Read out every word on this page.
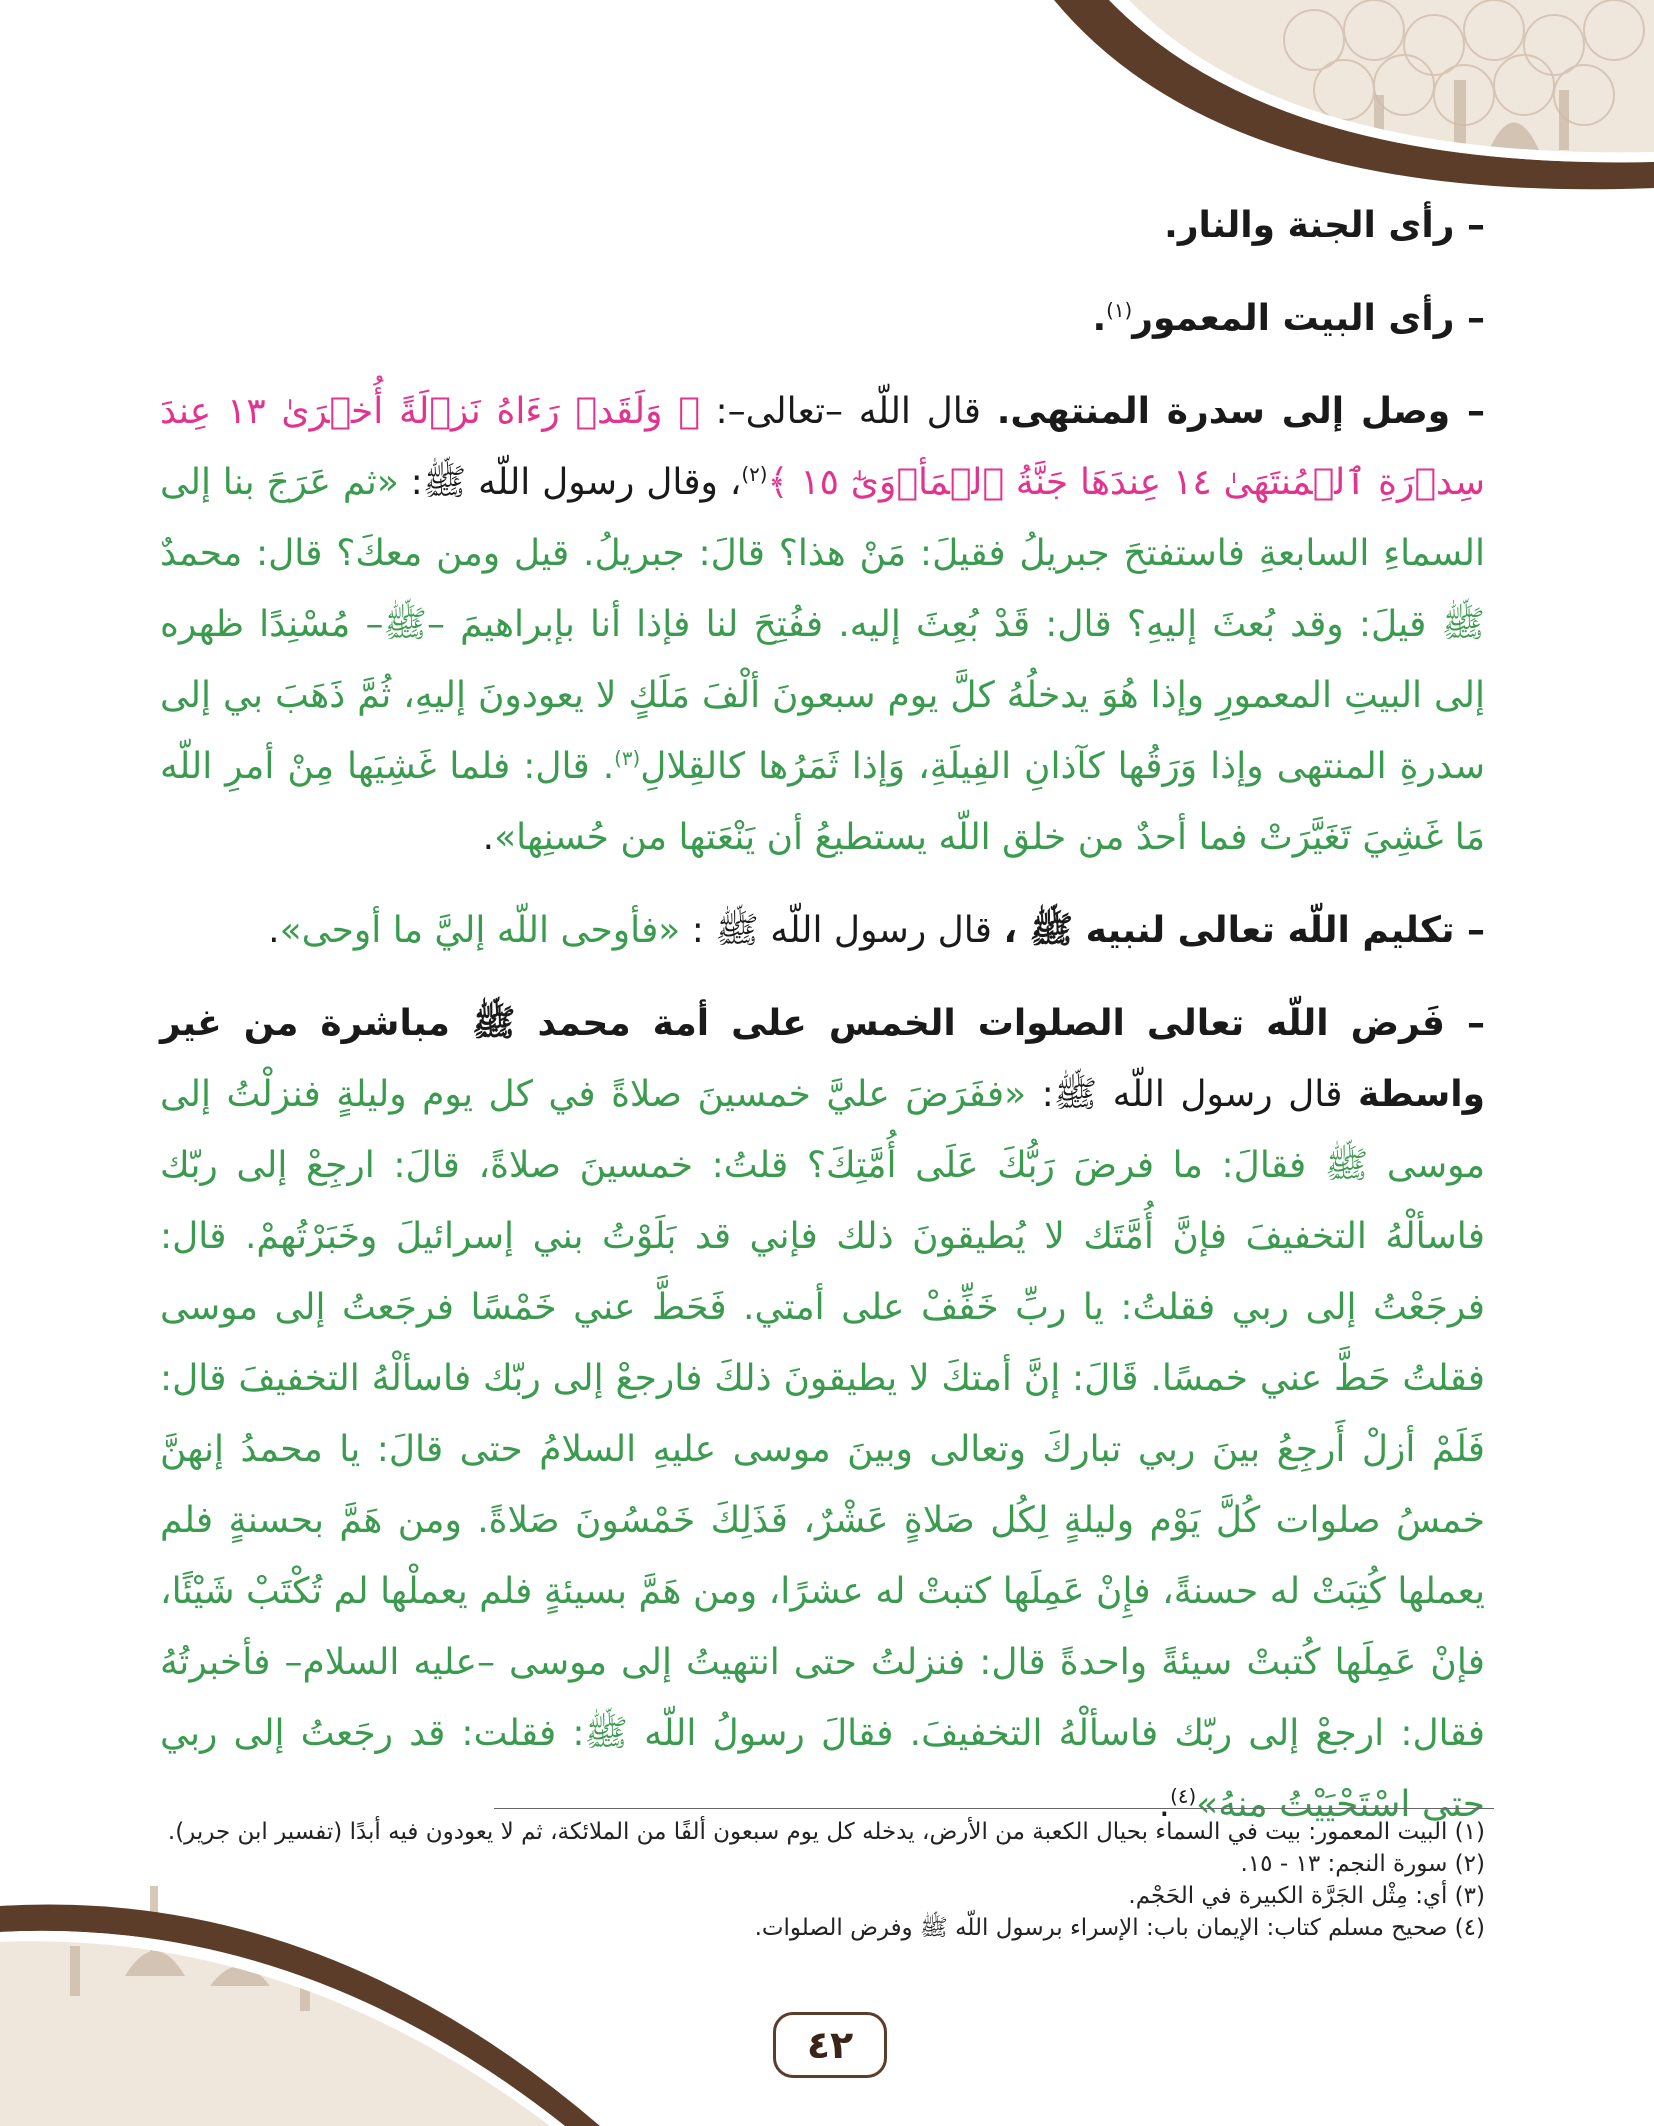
– رأى الجنة والنار.

– رأى البيت المعمور$^{(١)}$.

– وصل إلى سدرة المنتهى. قال اللّه –تعالى–: ﴿ وَلَقَدۡ رَءَاهُ نَزۡلَةً أُخۡرَىٰ ١٣ عِندَ سِدۡرَةِ ٱلۡمُنتَهَىٰ ١٤ عِندَهَا جَنَّةُ ٱلۡمَأۡوَىٰٓ ١٥ ﴾$^{(٢)}$، وقال رسول اللّه ﷺ: «ثم عَرَجَ بنا إلى السماءِ السابعةِ فاستفتحَ جبريلُ فقيلَ: مَنْ هذا؟ قالَ: جبريلُ. قيل ومن معكَ؟ قال: محمدٌ ﷺ قيلَ: وقد بُعثَ إليهِ؟ قال: قَدْ بُعِثَ إليه. ففُتِحَ لنا فإذا أنا بإبراهيمَ –ﷺ– مُسْنِدًا ظهره إلى البيتِ المعمورِ وإذا هُوَ يدخلُهُ كلَّ يوم سبعونَ ألْفَ مَلَكٍ لا يعودونَ إليهِ، ثُمَّ ذَهَبَ بي إلى سدرةِ المنتهى وإذا وَرَقُها كآذانِ الفِيلَةِ، وَإذا ثَمَرُها كالقِلالِ$^{(٣)}$. قال: فلما غَشِيَها مِنْ أمرِ اللّه مَا غَشِيَ تَغَيَّرَتْ فما أحدٌ من خلق اللّه يستطيعُ أن يَنْعَتها من حُسنِها».

– تكليم اللّه تعالى لنبيه ﷺ ، قال رسول اللّه ﷺ : «فأوحى اللّه إليَّ ما أوحى».

– فَرض اللّه تعالى الصلوات الخمس على أمة محمد ﷺ مباشرة من غير واسطة قال رسول اللّه ﷺ: «ففَرَضَ عليَّ خمسينَ صلاةً في كل يوم وليلةٍ فنزلْتُ إلى موسى ﷺ فقالَ: ما فرضَ رَبُّكَ عَلَى أُمَّتِكَ؟ قلتُ: خمسينَ صلاةً، قالَ: ارجِعْ إلى ربّك فاسألْهُ التخفيفَ فإنَّ أُمَّتَك لا يُطيقونَ ذلك فإني قد بَلَوْتُ بني إسرائيلَ وخَبَرْتُهمْ. قال: فرجَعْتُ إلى ربي فقلتُ: يا ربِّ خَفِّفْ على أمتي. فَحَطَّ عني خَمْسًا فرجَعتُ إلى موسى فقلتُ حَطَّ عني خمسًا. قَالَ: إنَّ أمتكَ لا يطيقونَ ذلكَ فارجعْ إلى ربّك فاسألْهُ التخفيفَ قال: فَلَمْ أزلْ أَرجِعُ بينَ ربي تباركَ وتعالى وبينَ موسى عليهِ السلامُ حتى قالَ: يا محمدُ إنهنَّ خمسُ صلوات كُلَّ يَوْم وليلةٍ لِكُل صَلاةٍ عَشْرٌ، فَذَلِكَ خَمْسُونَ صَلاةً. ومن هَمَّ بحسنةٍ فلم يعملها كُتِبَتْ له حسنةً، فإِنْ عَمِلَها كتبتْ له عشرًا، ومن هَمَّ بسيئةٍ فلم يعملْها لم تُكْتَبْ شَيْئًا، فإنْ عَمِلَها كُتبتْ سيئةً واحدةً قال: فنزلتُ حتى انتهيتُ إلى موسى –عليه السلام– فأخبرتُهُ فقال: ارجعْ إلى ربّك فاسألْهُ التخفيفَ. فقالَ رسولُ اللّه ﷺ: فقلت: قد رجَعتُ إلى ربي حتى اسْتَحْيَيْتُ منهُ»$^{(٤)}$.

(١) البيت المعمور: بيت في السماء بحيال الكعبة من الأرض، يدخله كل يوم سبعون ألفًا من الملائكة، ثم لا يعودون فيه أبدًا (تفسير ابن جرير).

(٢) سورة النجم: ١٣ - ١٥.

(٣) أي: مِثْل الجَرَّة الكبيرة في الحَجْم.

(٤) صحيح مسلم كتاب: الإيمان باب: الإسراء برسول اللّه ﷺ وفرض الصلوات.

٤٢
